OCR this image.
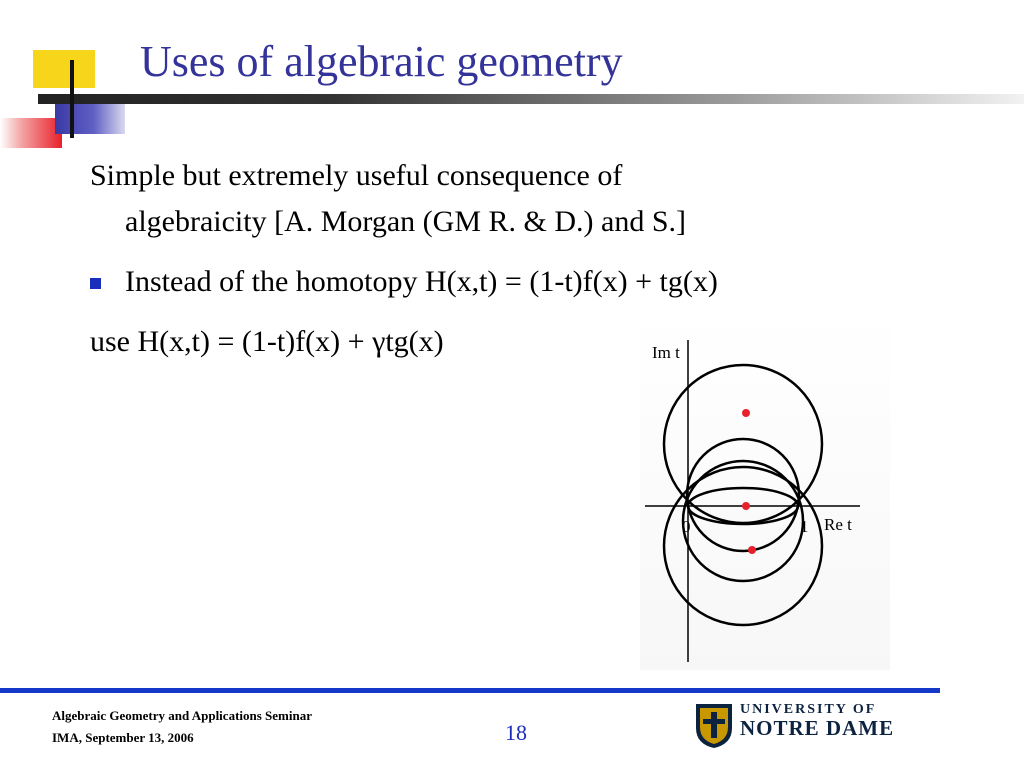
Uses of algebraic geometry
Simple but extremely useful consequence of
algebraicity [A. Morgan (GM R. & D.) and S.]
Instead of the homotopy H(x,t) = (1-t)f(x) + tg(x)
use H(x,t) = (1-t)f(x) + γtg(x)	Im t
0	1 Re t
Algebraic Geometry and Applications Seminar
IMA, September 13, 2006	18
UNIVERSITY OF
NOTRE DAME
